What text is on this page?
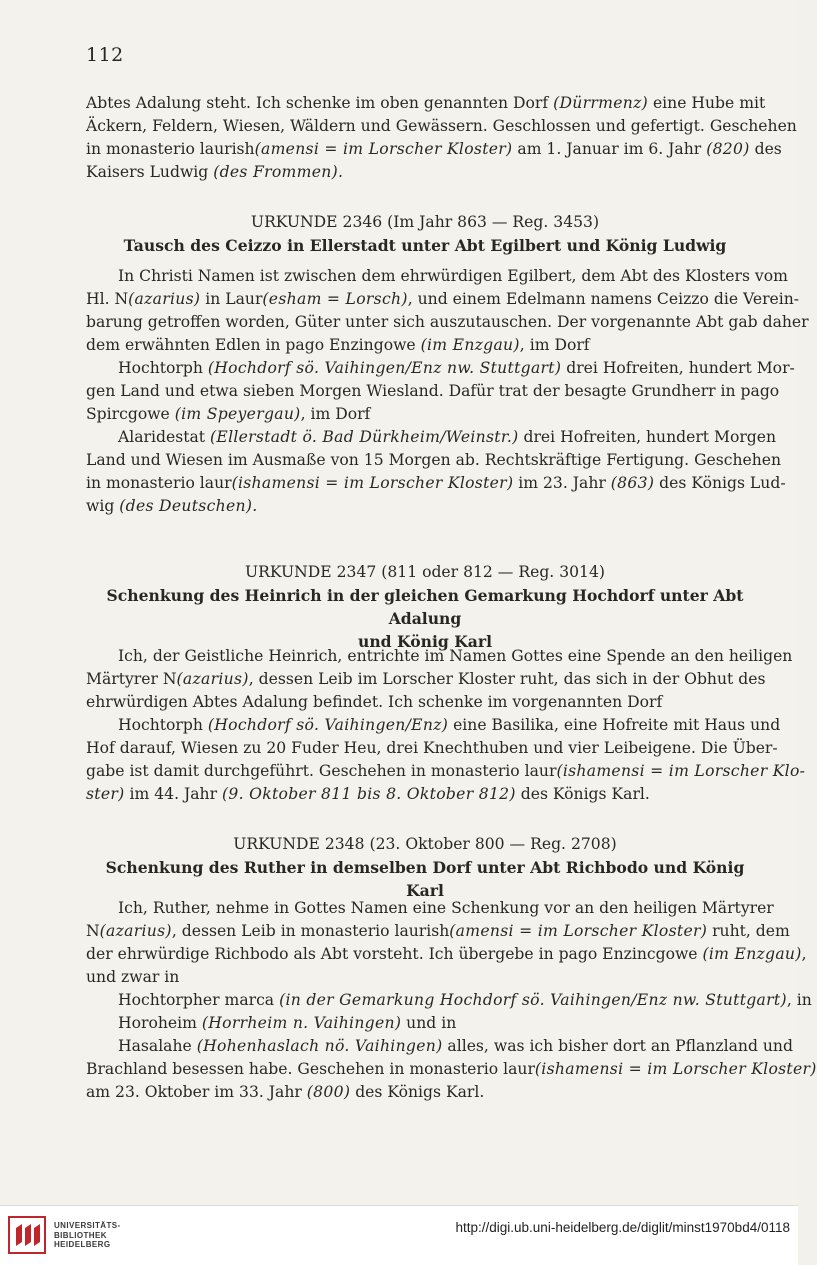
112
Abtes Adalung steht. Ich schenke im oben genannten Dorf (Dürrmenz) eine Hube mit
Äckern, Feldern, Wiesen, Wäldern und Gewässern. Geschlossen und gefertigt. Geschehen
in monasterio laurish(amensi = im Lorscher Kloster) am 1. Januar im 6. Jahr (820) des
Kaisers Ludwig (des Frommen).
URKUNDE 2346 (Im Jahr 863 — Reg. 3453)
Tausch des Ceizzo in Ellerstadt unter Abt Egilbert und König Ludwig
In Christi Namen ist zwischen dem ehrwürdigen Egilbert, dem Abt des Klosters vom
Hl. N(azarius) in Laur(esham = Lorsch), und einem Edelmann namens Ceizzo die Verein-
barung getroffen worden, Güter unter sich auszutauschen. Der vorgenannte Abt gab daher
dem erwähnten Edlen in pago Enzingowe (im Enzgau), im Dorf
Hochtorph (Hochdorf sö. Vaihingen/Enz nw. Stuttgart) drei Hofreiten, hundert Mor-
gen Land und etwa sieben Morgen Wiesland. Dafür trat der besagte Grundherr in pago
Spircgowe (im Speyergau), im Dorf
Alaridestat (Ellerstadt ö. Bad Dürkheim/Weinstr.) drei Hofreiten, hundert Morgen
Land und Wiesen im Ausmaße von 15 Morgen ab. Rechtskräftige Fertigung. Geschehen
in monasterio laur(ishamensi = im Lorscher Kloster) im 23. Jahr (863) des Königs Lud-
wig (des Deutschen).
URKUNDE 2347 (811 oder 812 — Reg. 3014)
Schenkung des Heinrich in der gleichen Gemarkung Hochdorf unter Abt Adalung
und König Karl
Ich, der Geistliche Heinrich, entrichte im Namen Gottes eine Spende an den heiligen
Märtyrer N(azarius), dessen Leib im Lorscher Kloster ruht, das sich in der Obhut des
ehrwürdigen Abtes Adalung befindet. Ich schenke im vorgenannten Dorf
Hochtorph (Hochdorf sö. Vaihingen/Enz) eine Basilika, eine Hofreite mit Haus und
Hof darauf, Wiesen zu 20 Fuder Heu, drei Knechthuben und vier Leibeigene. Die Über-
gabe ist damit durchgeführt. Geschehen in monasterio laur(ishamensi = im Lorscher Klo-
ster) im 44. Jahr (9. Oktober 811 bis 8. Oktober 812) des Königs Karl.
URKUNDE 2348 (23. Oktober 800 — Reg. 2708)
Schenkung des Ruther in demselben Dorf unter Abt Richbodo und König Karl
Ich, Ruther, nehme in Gottes Namen eine Schenkung vor an den heiligen Märtyrer
N(azarius), dessen Leib in monasterio laurish(amensi = im Lorscher Kloster) ruht, dem
der ehrwürdige Richbodo als Abt vorsteht. Ich übergebe in pago Enzincgowe (im Enzgau),
und zwar in
Hochtorpher marca (in der Gemarkung Hochdorf sö. Vaihingen/Enz nw. Stuttgart), in
Horoheim (Horrheim n. Vaihingen) und in
Hasalahe (Hohenhaslach nö. Vaihingen) alles, was ich bisher dort an Pflanzland und
Brachland besessen habe. Geschehen in monasterio laur(ishamensi = im Lorscher Kloster)
am 23. Oktober im 33. Jahr (800) des Königs Karl.
UNIVERSITÄTS-
BIBLIOTHEK
HEIDELBERG
http://digi.ub.uni-heidelberg.de/diglit/minst1970bd4/0118
